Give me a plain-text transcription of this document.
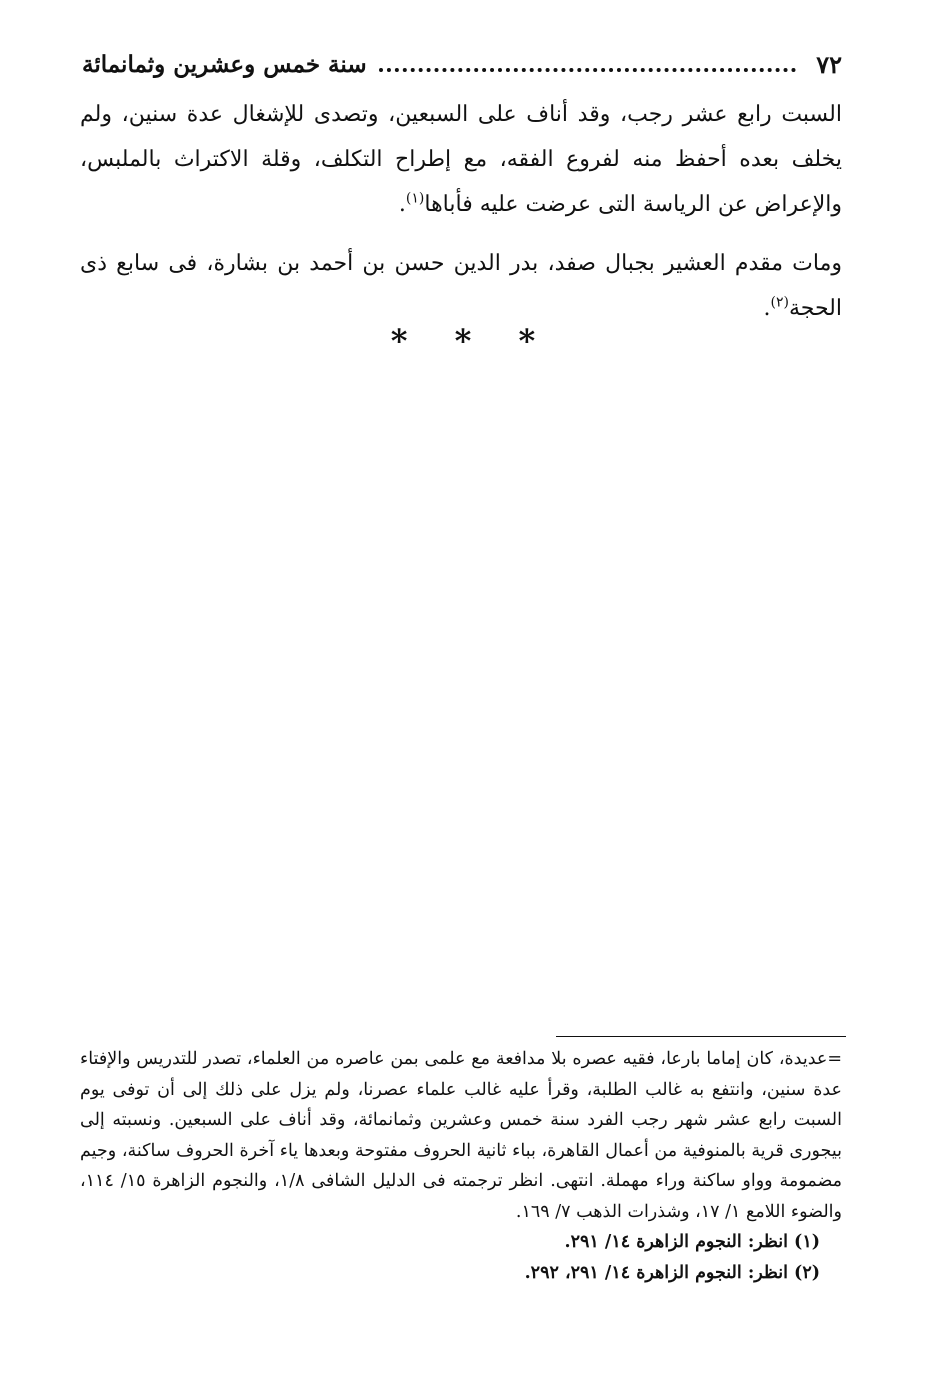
٧٢
سنة خمس وعشرين وثمانمائة

السبت رابع عشر رجب، وقد أناف على السبعين، وتصدى للإشغال عدة سنين، ولم يخلف بعده أحفظ منه لفروع الفقه، مع إطراح التكلف، وقلة الاكتراث بالملبس، والإعراض عن الرياسة التى عرضت عليه فأباها$^{(١)}$.

ومات مقدم العشير بجبال صفد، بدر الدين حسن بن أحمد بن بشارة، فى سابع ذى الحجة$^{(٢)}$.

* * *

=عديدة، كان إماما بارعا، فقيه عصره بلا مدافعة مع علمى بمن عاصره من العلماء، تصدر للتدريس والإفتاء عدة سنين، وانتفع به غالب الطلبة، وقرأ عليه غالب علماء عصرنا، ولم يزل على ذلك إلى أن توفى يوم السبت رابع عشر شهر رجب الفرد سنة خمس وعشرين وثمانمائة، وقد أناف على السبعين. ونسبته إلى بيجورى قرية بالمنوفية من أعمال القاهرة، بباء ثانية الحروف مفتوحة وبعدها ياء آخرة الحروف ساكنة، وجيم مضمومة وواو ساكنة وراء مهملة. انتهى. انظر ترجمته فى الدليل الشافى ١/٨، والنجوم الزاهرة ١٥/ ١١٤، والضوء اللامع ١/ ١٧، وشذرات الذهب ٧/ ١٦٩.

(١)انظر: النجوم الزاهرة ١٤/ ٢٩١.

(٢)انظر: النجوم الزاهرة ١٤/ ٢٩١، ٢٩٢.
